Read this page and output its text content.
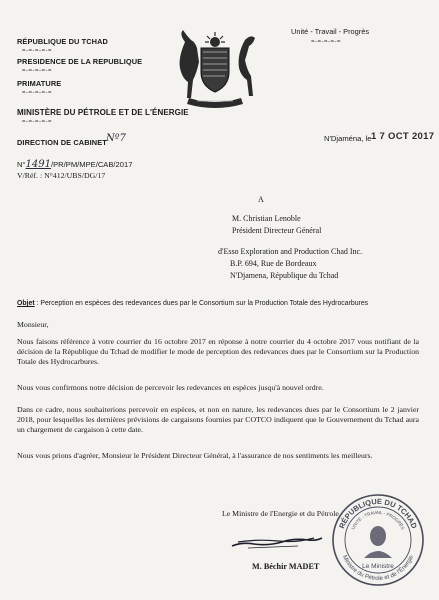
RÉPUBLIQUE DU TCHAD
=-=-=-=-=
PRESIDENCE DE LA REPUBLIQUE
=-=-=-=-=
PRIMATURE
=-=-=-=-=
MINISTÈRE DU PÉTROLE ET DE L'ÉNERGIE
=-=-=-=-=
DIRECTION DE CABINET Nº7
Unité - Travail - Progrès
=-=-=-=-=
N'Djaména, le 1 7 OCT 2017
N°1491/PR/PM/MPE/CAB/2017
V/Réf. : N°412/UBS/DG/17
A
M. Christian Lenoble
Président Directeur Général
d'Esso Exploration and Production Chad Inc.
B.P. 694, Rue de Bordeaux
N'Djamena, République du Tchad
Objet : Perception en espèces des redevances dues par le Consortium sur la Production Totale des Hydrocarbures
Monsieur,
Nous faisons référence à votre courrier du 16 octobre 2017 en réponse à notre courrier du 4 octobre 2017 vous notifiant de la décision de la République du Tchad de modifier le mode de perception des redevances dues par le Consortium sur la Production Totale des Hydrocarbures.
Nous vous confirmons notre décision de percevoir les redevances en espèces jusqu'à nouvel ordre.
Dans ce cadre, nous souhaiterions percevoir en espèces, et non en nature, les redevances dues par le Consortium le 2 janvier 2018, pour lesquelles les dernières prévisions de cargaisons fournies par COTCO indiquent que le Gouvernement du Tchad aura un chargement de cargaison à cette date.
Nous vous prions d'agréer, Monsieur le Président Directeur Général, à l'assurance de nos sentiments les meilleurs.
Le Ministre de l'Energie et du Pétrole
RÉPUBLIQUE DU TCHAD
UNITÉ - TRAVAIL - PROGRÈS
Ministre du Pétrole et de l'Énergie
Le Ministre
M. Béchir MADET
